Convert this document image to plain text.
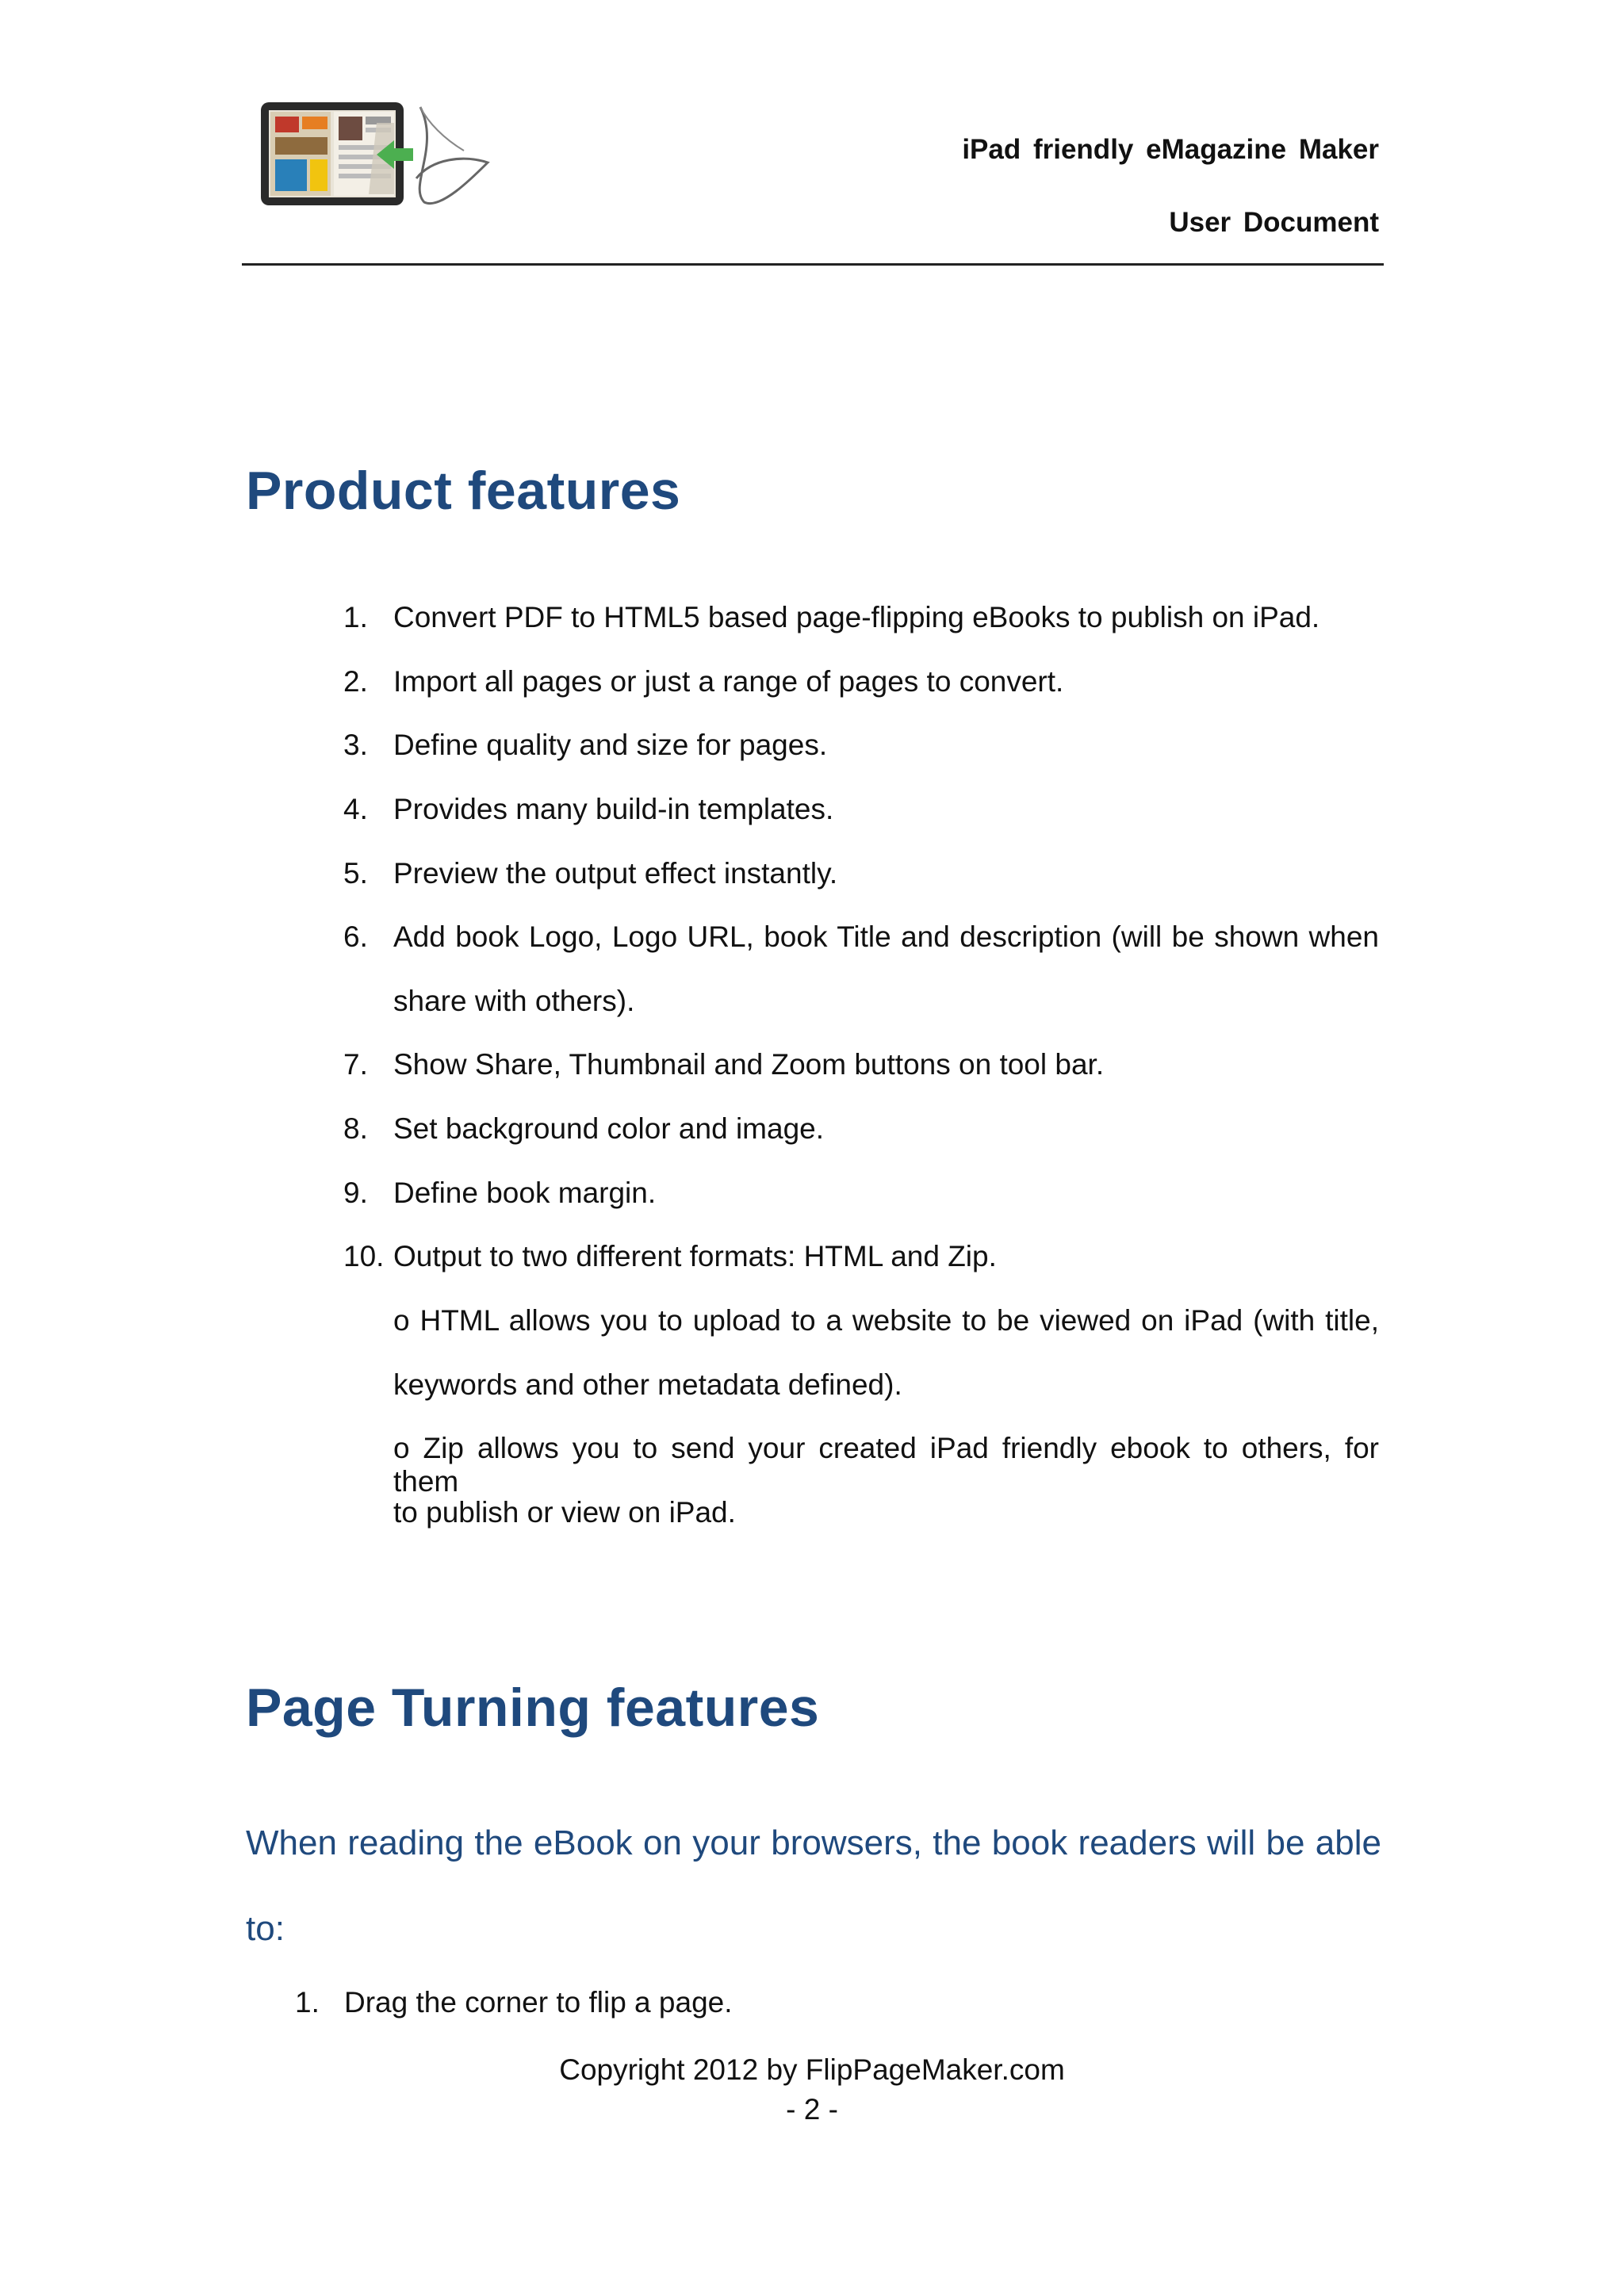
iPad friendly eMagazine Maker
User Document
Product features
1. Convert PDF to HTML5 based page-flipping eBooks to publish on iPad.
2. Import all pages or just a range of pages to convert.
3. Define quality and size for pages.
4. Provides many build-in templates.
5. Preview the output effect instantly.
6. Add book Logo, Logo URL, book Title and description (will be shown when
share with others).
7. Show Share, Thumbnail and Zoom buttons on tool bar.
8. Set background color and image.
9. Define book margin.
10. Output to two different formats: HTML and Zip.
o HTML allows you to upload to a website to be viewed on iPad (with title,
keywords and other metadata defined).
o Zip allows you to send your created iPad friendly ebook to others, for them
to publish or view on iPad.
Page Turning features
When reading the eBook on your browsers, the book readers will be able
to:
1. Drag the corner to flip a page.
Copyright 2012 by FlipPageMaker.com
- 2 -
